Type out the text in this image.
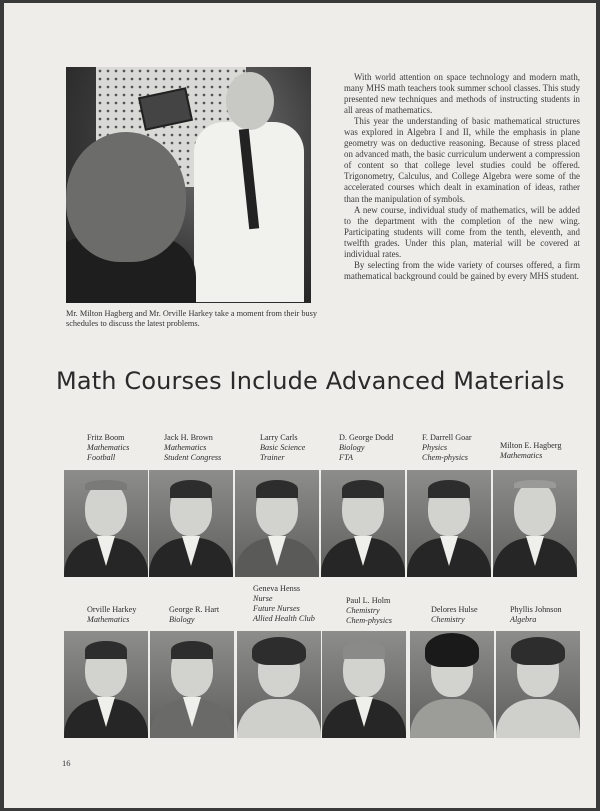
Mr. Milton Hagberg and Mr. Orville Harkey take a moment from their busy schedules to discuss the latest problems.

With world attention on space technology and modern math, many MHS math teachers took summer school classes. This study presented new techniques and methods of instructing students in all areas of mathematics.

This year the understanding of basic mathematical structures was explored in Algebra I and II, while the emphasis in plane geometry was on deductive reasoning. Because of stress placed on advanced math, the basic curriculum underwent a compression of content so that college level studies could be offered. Trigonometry, Calculus, and College Algebra were some of the accelerated courses which dealt in examination of ideas, rather than the manipulation of symbols.

A new course, individual study of mathematics, will be added to the department with the completion of the new wing. Participating students will come from the tenth, eleventh, and twelfth grades. Under this plan, material will be covered at individual rates.

By selecting from the wide variety of courses offered, a firm mathematical background could be gained by every MHS student.

Math Courses Include Advanced Materials
Fritz Boom
Mathematics
Football
Jack H. Brown
Mathematics
Student Congress
Larry Carls
Basic Science
Trainer
D. George Dodd
Biology
FTA
F. Darrell Goar
Physics
Chem-physics
Milton E. Hagberg
Mathematics
Orville Harkey
Mathematics
George R. Hart
Biology
Geneva Henss
Nurse
Future Nurses
Allied Health Club
Paul L. Holm
Chemistry
Chem-physics
Delores Hulse
Chemistry
Phyllis Johnson
Algebra
16
